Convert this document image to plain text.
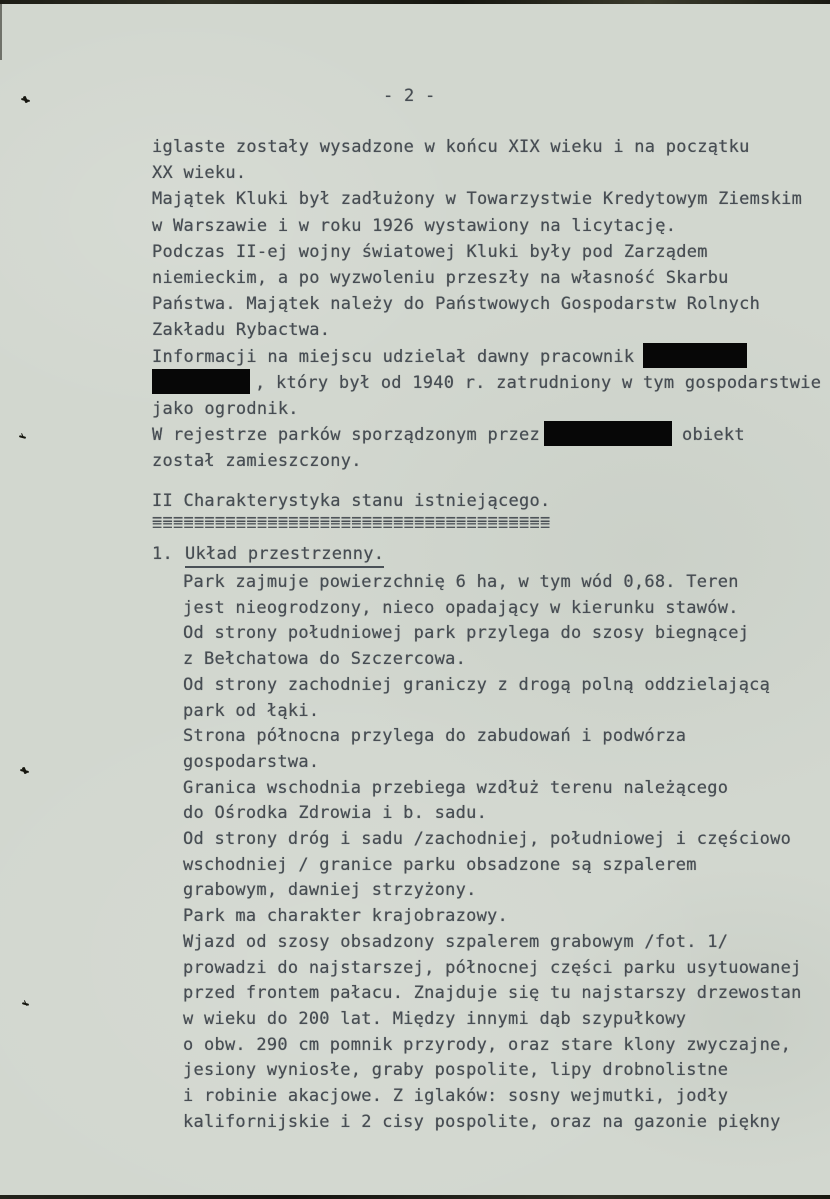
- 2 -
iglaste zostały wysadzone w końcu XIX wieku i na początku
XX wieku.
Majątek Kluki był zadłużony w Towarzystwie Kredytowym Ziemskim
w Warszawie i w roku 1926 wystawiony na licytację.
Podczas II-ej wojny światowej Kluki były pod Zarządem
niemieckim, a po wyzwoleniu przeszły na własność Skarbu
Państwa. Majątek należy do Państwowych Gospodarstw Rolnych
Zakładu Rybactwa.
Informacji na miejscu udzielał dawny pracownik
, który był od 1940 r. zatrudniony w tym gospodarstwie
jako ogrodnik.
W rejestrze parków sporządzonym przez	obiekt
został zamieszczony.
II Charakterystyka stanu istniejącego.
======================================
1. Układ przestrzenny.
Park zajmuje powierzchnię 6 ha, w tym wód 0,68. Teren
jest nieogrodzony, nieco opadający w kierunku stawów.
Od strony południowej park przylega do szosy biegnącej
z Bełchatowa do Szczercowa.
Od strony zachodniej graniczy z drogą polną oddzielającą
park od łąki.
Strona północna przylega do zabudowań i podwórza
gospodarstwa.
Granica wschodnia przebiega wzdłuż terenu należącego
do Ośrodka Zdrowia i b. sadu.
Od strony dróg i sadu /zachodniej, południowej i częściowo
wschodniej / granice parku obsadzone są szpalerem
grabowym, dawniej strzyżony.
Park ma charakter krajobrazowy.
Wjazd od szosy obsadzony szpalerem grabowym /fot. 1/
prowadzi do najstarszej, północnej części parku usytuowanej
przed frontem pałacu. Znajduje się tu najstarszy drzewostan
w wieku do 200 lat. Między innymi dąb szypułkowy
o obw. 290 cm pomnik przyrody, oraz stare klony zwyczajne,
jesiony wyniosłe, graby pospolite, lipy drobnolistne
i robinie akacjowe. Z iglaków: sosny wejmutki, jodły
kalifornijskie i 2 cisy pospolite, oraz na gazonie piękny
